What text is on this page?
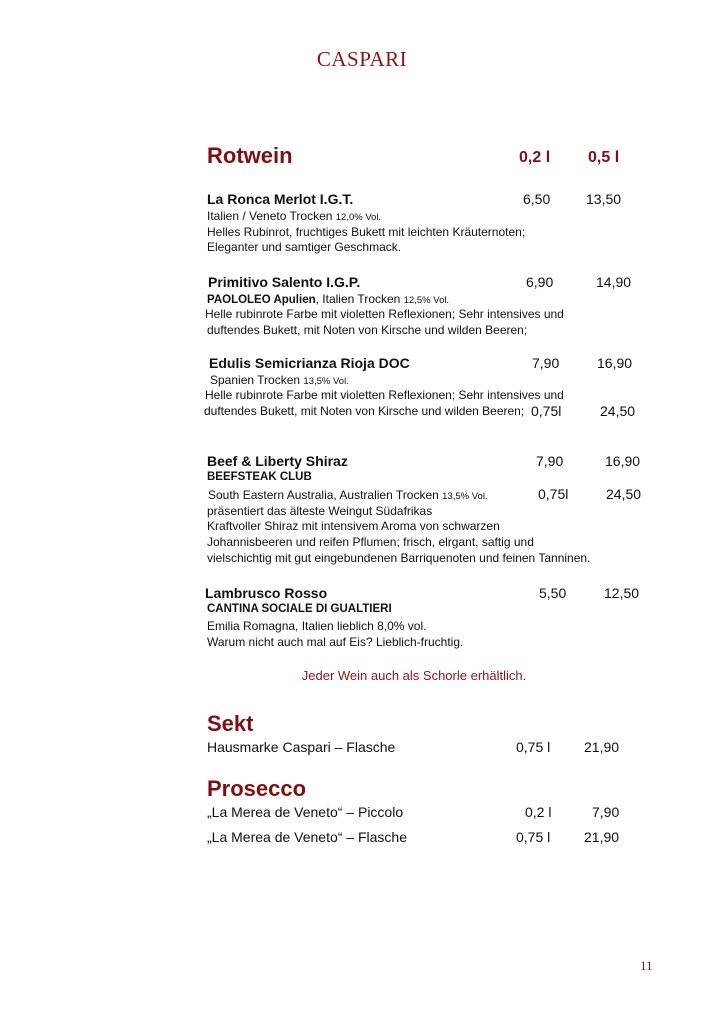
CASPARI
Rotwein	0,2 l 0,5 l
La Ronca Merlot I.G.T.	6,50	13,50
Italien / Veneto Trocken 12,0% Vol.
Helles Rubinrot, fruchtiges Bukett mit leichten Kräuternoten;
Eleganter und samtiger Geschmack.
Primitivo Salento I.G.P.	6,90	14,90
PAOLOLEO Apulien, Italien Trocken 12,5% Vol.
Helle rubinrote Farbe mit violetten Reflexionen; Sehr intensives und
duftendes Bukett, mit Noten von Kirsche und wilden Beeren;
Edulis Semicrianza Rioja DOC	7,90	16,90
Spanien Trocken 13,5% Vol.
Helle rubinrote Farbe mit violetten Reflexionen; Sehr intensives und
duftendes Bukett, mit Noten von Kirsche und wilden Beeren; 0,75l	24,50
Beef & Liberty Shiraz	7,90	16,90
BEEFSTEAK CLUB
South Eastern Australia, Australien Trocken 13,5% Vol.	0,75l	24,50
präsentiert das älteste Weingut Südafrikas
Kraftvoller Shiraz mit intensivem Aroma von schwarzen
Johannisbeeren und reifen Pflumen; frisch, elrgant, saftig und
vielschichtig mit gut eingebundenen Barriquenoten und feinen Tanninen.
Lambrusco Rosso	5,50	12,50
CANTINA SOCIALE DI GUALTIERI
Emilia Romagna, Italien lieblich 8,0% vol.
Warum nicht auch mal auf Eis? Lieblich-fruchtig.
Jeder Wein auch als Schorle erhältlich.
Sekt
Hausmarke Caspari – Flasche	0,75 l 21,90
Prosecco
„La Merea de Veneto“ – Piccolo	0,2 l	7,90
„La Merea de Veneto“ – Flasche	0,75 l 21,90
11
